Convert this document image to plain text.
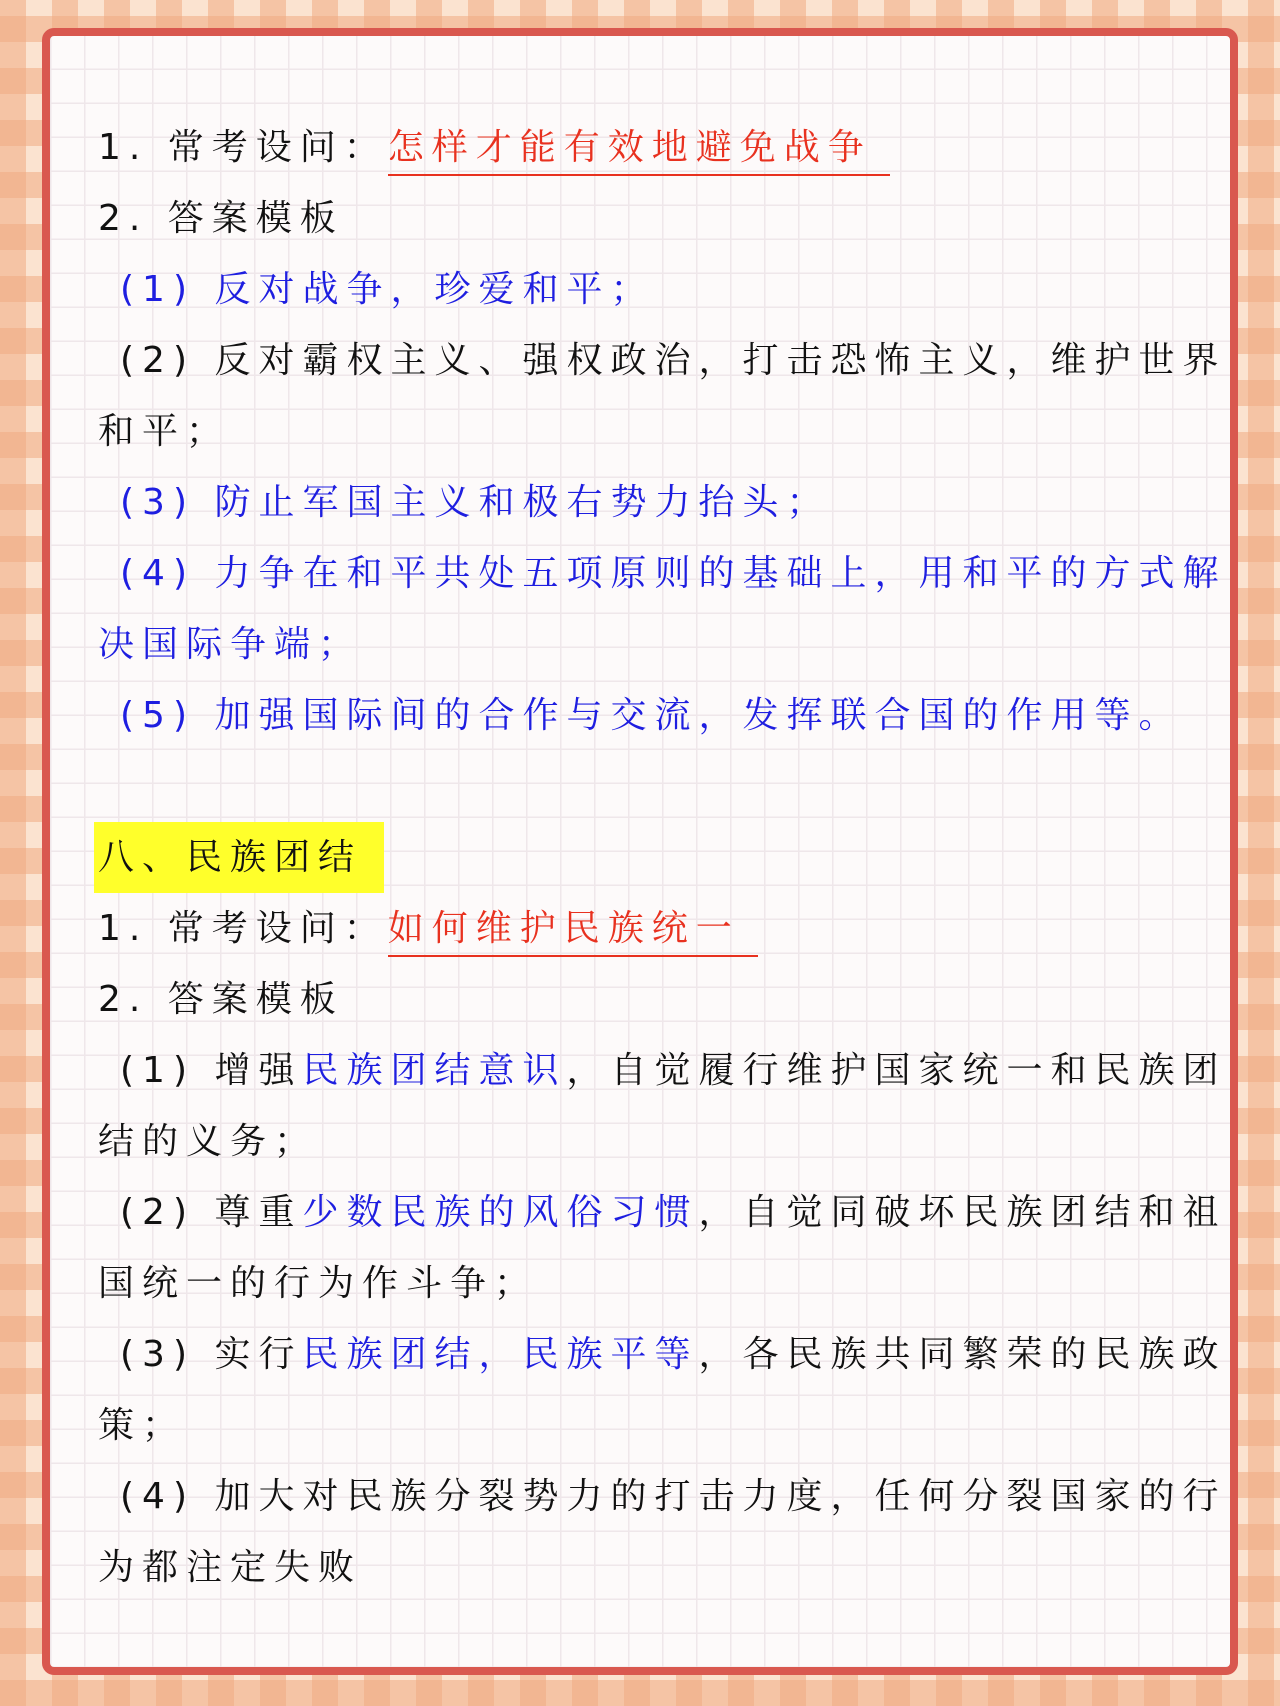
1. 常考设问：怎样才能有效地避免战争
2. 答案模板
(1) 反对战争，珍爱和平；
(2) 反对霸权主义、强权政治，打击恐怖主义，维护世界
和平；
(3) 防止军国主义和极右势力抬头；
(4) 力争在和平共处五项原则的基础上，用和平的方式解
决国际争端；
(5) 加强国际间的合作与交流，发挥联合国的作用等。
八、民族团结
1. 常考设问：如何维护民族统一
2. 答案模板
(1) 增强民族团结意识，自觉履行维护国家统一和民族团
结的义务；
(2) 尊重少数民族的风俗习惯，自觉同破坏民族团结和祖
国统一的行为作斗争；
(3) 实行民族团结，民族平等，各民族共同繁荣的民族政
策；
(4) 加大对民族分裂势力的打击力度，任何分裂国家的行
为都注定失败
